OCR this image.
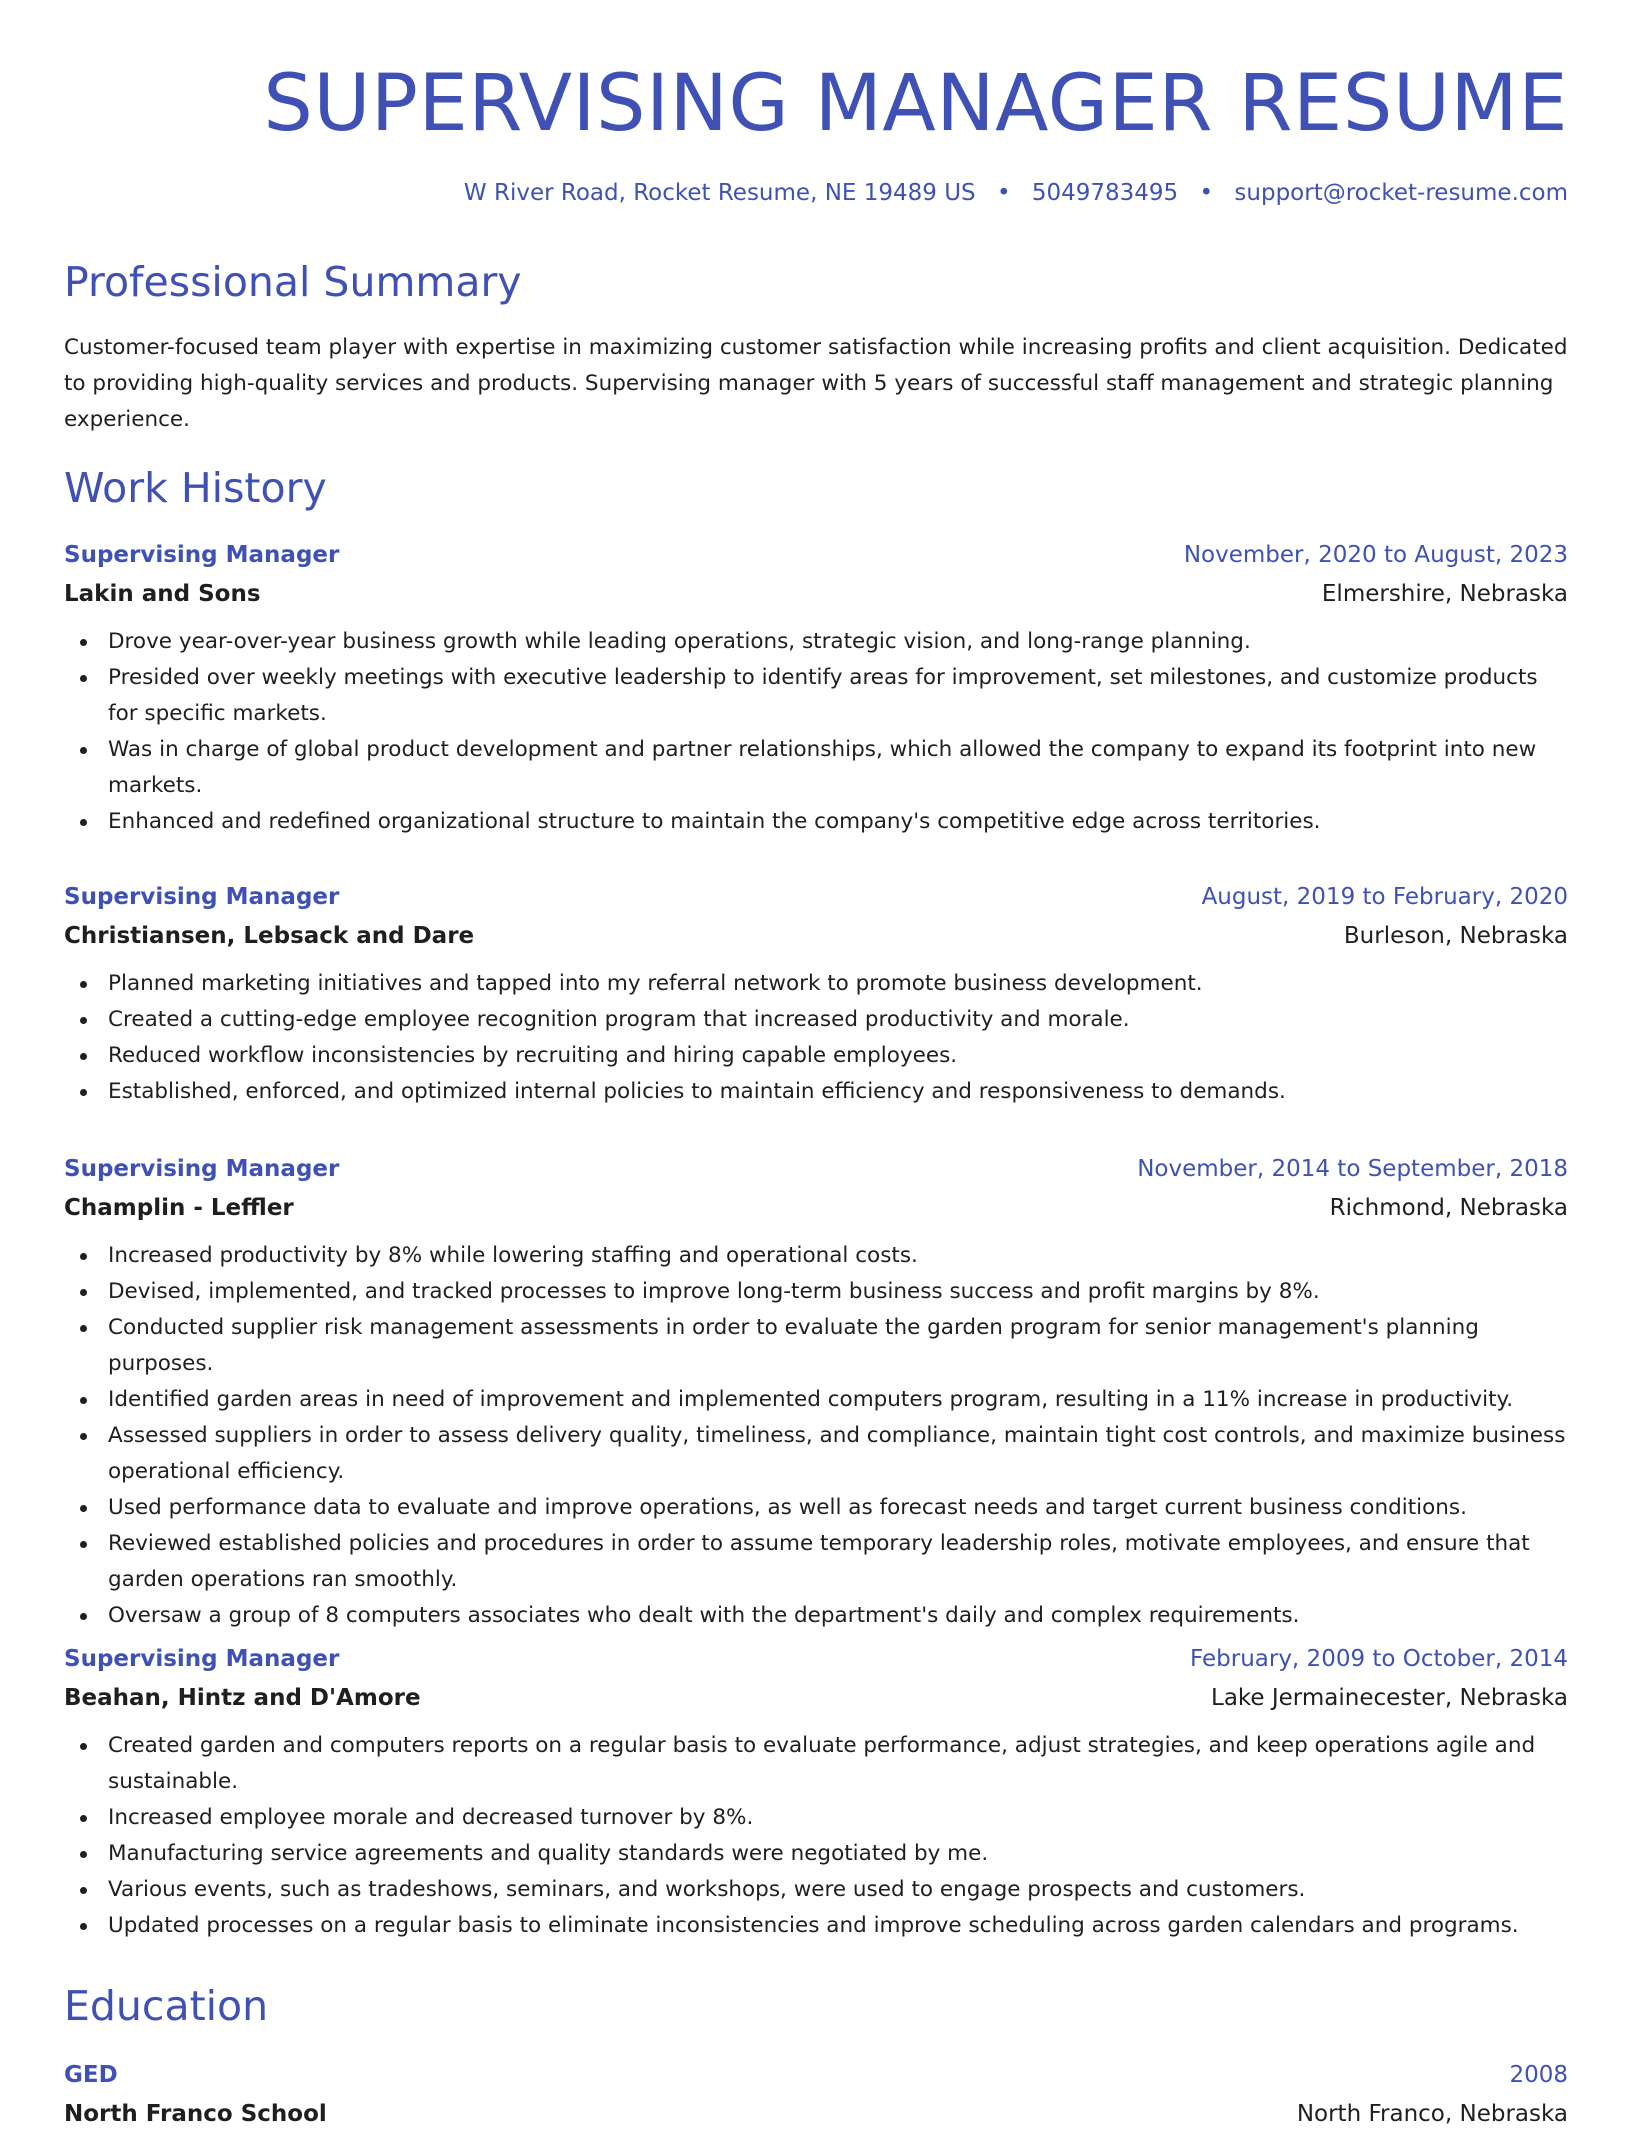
SUPERVISING MANAGER RESUME
W River Road, Rocket Resume, NE 19489 US • 5049783495 • support@rocket-resume.com
Professional Summary

Customer-focused team player with expertise in maximizing customer satisfaction while increasing profits and client acquisition. Dedicated to providing high-quality services and products. Supervising manager with 5 years of successful staff management and strategic planning experience.

Work History
Supervising Manager	November, 2020 to August, 2023
Lakin and Sons	Elmershire, Nebraska
Drove year-over-year business growth while leading operations, strategic vision, and long-range planning.
Presided over weekly meetings with executive leadership to identify areas for improvement, set milestones, and customize products for specific markets.
Was in charge of global product development and partner relationships, which allowed the company to expand its footprint into new markets.
Enhanced and redefined organizational structure to maintain the company's competitive edge across territories.
Supervising Manager	August, 2019 to February, 2020
Christiansen, Lebsack and Dare	Burleson, Nebraska
Planned marketing initiatives and tapped into my referral network to promote business development.
Created a cutting-edge employee recognition program that increased productivity and morale.
Reduced workflow inconsistencies by recruiting and hiring capable employees.
Established, enforced, and optimized internal policies to maintain efficiency and responsiveness to demands.
Supervising Manager	November, 2014 to September, 2018
Champlin - Leffler	Richmond, Nebraska
Increased productivity by 8% while lowering staffing and operational costs.
Devised, implemented, and tracked processes to improve long-term business success and profit margins by 8%.
Conducted supplier risk management assessments in order to evaluate the garden program for senior management's planning purposes.
Identified garden areas in need of improvement and implemented computers program, resulting in a 11% increase in productivity.
Assessed suppliers in order to assess delivery quality, timeliness, and compliance, maintain tight cost controls, and maximize business operational efficiency.
Used performance data to evaluate and improve operations, as well as forecast needs and target current business conditions.
Reviewed established policies and procedures in order to assume temporary leadership roles, motivate employees, and ensure that garden operations ran smoothly.
Oversaw a group of 8 computers associates who dealt with the department's daily and complex requirements.
Supervising Manager	February, 2009 to October, 2014
Beahan, Hintz and D'Amore	Lake Jermainecester, Nebraska
Created garden and computers reports on a regular basis to evaluate performance, adjust strategies, and keep operations agile and sustainable.
Increased employee morale and decreased turnover by 8%.
Manufacturing service agreements and quality standards were negotiated by me.
Various events, such as tradeshows, seminars, and workshops, were used to engage prospects and customers.
Updated processes on a regular basis to eliminate inconsistencies and improve scheduling across garden calendars and programs.
Education
GED	2008
North Franco School	North Franco, Nebraska
